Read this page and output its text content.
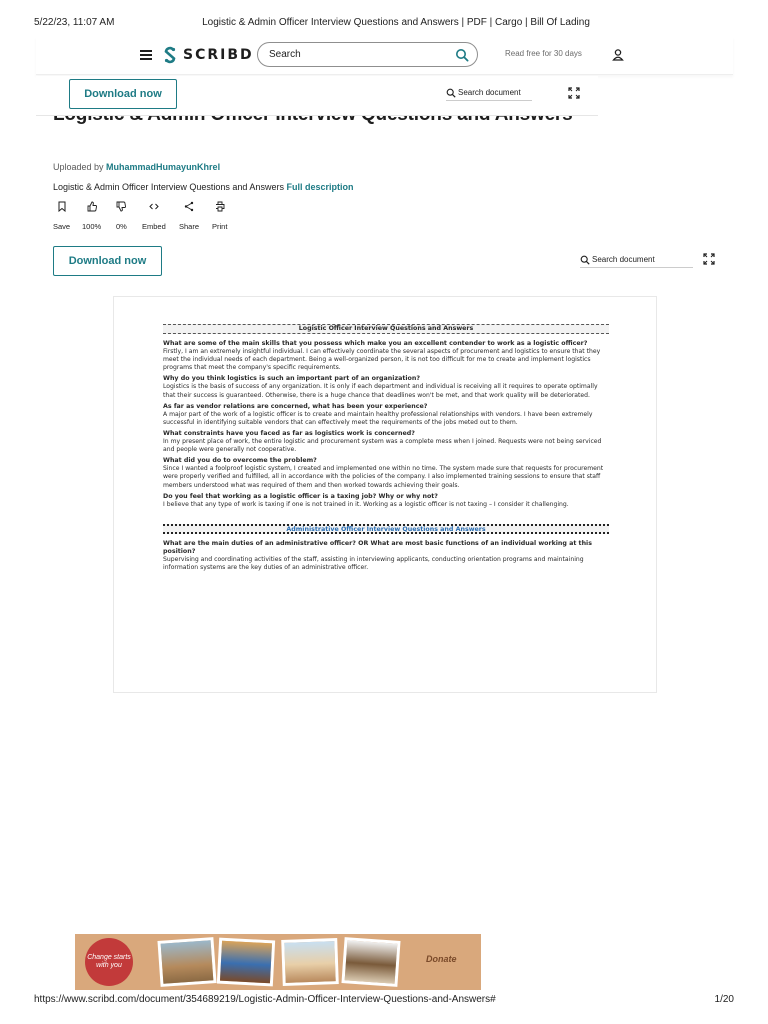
5/22/23, 11:07 AM	Logistic & Admin Officer Interview Questions and Answers | PDF | Cargo | Bill Of Lading
SCRIBD
Search	Read free for 30 days
Download now	Search document
Uploaded by MuhammadHumayunKhrel
Logistic & Admin Officer Interview Questions and Answers Full description
Save 100% 0% Embed Share Print
Download now	Search document
Logistic Officer Interview Questions and Answers
What are some of the main skills that you possess which make you an excellent contender to work as a logistic officer?
Firstly, I am an extremely insightful individual. I can effectively coordinate the several aspects of procurement and logistics to ensure that they meet the individual needs of each department. Being a well-organized person, it is not too difficult for me to create and implement logistics programs that meet the company's specific requirements.
Why do you think logistics is such an important part of an organization?
Logistics is the basis of success of any organization. It is only if each department and individual is receiving all it requires to operate optimally that their success is guaranteed. Otherwise, there is a huge chance that deadlines won't be met, and that work quality will be deteriorated.
As far as vendor relations are concerned, what has been your experience?
A major part of the work of a logistic officer is to create and maintain healthy professional relationships with vendors. I have been extremely successful in identifying suitable vendors that can effectively meet the requirements of the jobs meted out to them.
What constraints have you faced as far as logistics work is concerned?
In my present place of work, the entire logistic and procurement system was a complete mess when I joined. Requests were not being serviced and people were generally not cooperative.
What did you do to overcome the problem?
Since I wanted a foolproof logistic system, I created and implemented one within no time. The system made sure that requests for procurement were properly verified and fulfilled, all in accordance with the policies of the company. I also implemented training sessions to ensure that staff members understood what was required of them and then worked towards achieving their goals.
Do you feel that working as a logistic officer is a taxing job? Why or why not?
I believe that any type of work is taxing if one is not trained in it. Working as a logistic officer is not taxing – I consider it challenging.
Administrative Officer Interview Questions and Answers
What are the main duties of an administrative officer? OR What are most basic functions of an individual working at this position?
Supervising and coordinating activities of the staff, assisting in interviewing applicants, conducting orientation programs and maintaining information systems are the key duties of an administrative officer.
Change starts with you
Donate
https://www.scribd.com/document/354689219/Logistic-Admin-Officer-Interview-Questions-and-Answers#	1/20
